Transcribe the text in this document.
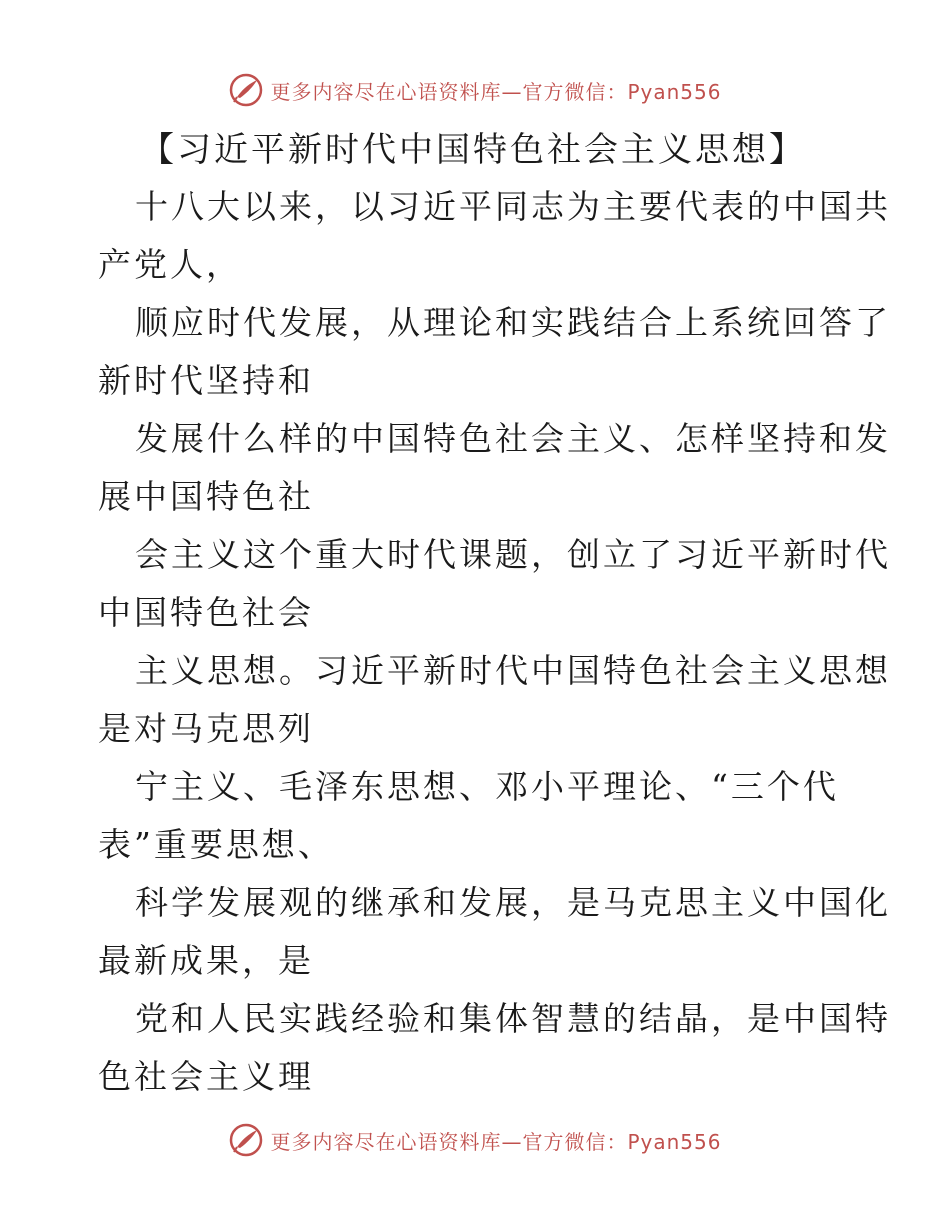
更多内容尽在心语资料库—官方微信：Pyan556
【习近平新时代中国特色社会主义思想】
十八大以来，以习近平同志为主要代表的中国共
产党人，
顺应时代发展，从理论和实践结合上系统回答了
新时代坚持和
发展什么样的中国特色社会主义、怎样坚持和发
展中国特色社
会主义这个重大时代课题，创立了习近平新时代
中国特色社会
主义思想。习近平新时代中国特色社会主义思想
是对马克思列
宁主义、毛泽东思想、邓小平理论、“三个代
表”重要思想、
科学发展观的继承和发展，是马克思主义中国化
最新成果，是
党和人民实践经验和集体智慧的结晶，是中国特
色社会主义理
更多内容尽在心语资料库—官方微信：Pyan556
